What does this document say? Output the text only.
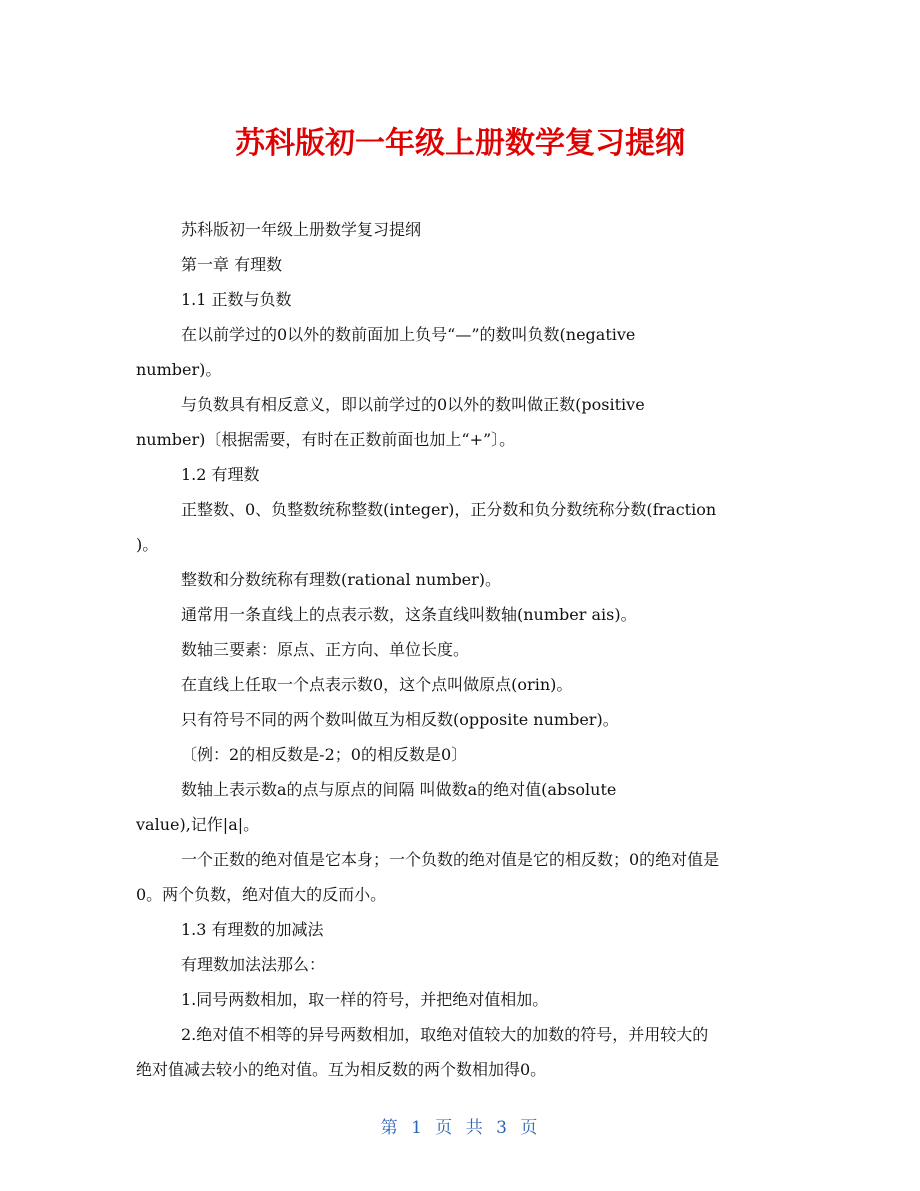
苏科版初一年级上册数学复习提纲

苏科版初一年级上册数学复习提纲

第一章 有理数

1.1 正数与负数

在以前学过的0以外的数前面加上负号“—”的数叫负数(negative

number)。

与负数具有相反意义，即以前学过的0以外的数叫做正数(positive

number)〔根据需要，有时在正数前面也加上“+”〕。

1.2 有理数

正整数、0、负整数统称整数(integer)，正分数和负分数统称分数(fraction

)。

整数和分数统称有理数(rational number)。

通常用一条直线上的点表示数，这条直线叫数轴(number ais)。

数轴三要素：原点、正方向、单位长度。

在直线上任取一个点表示数0，这个点叫做原点(orin)。

只有符号不同的两个数叫做互为相反数(opposite number)。

〔例：2的相反数是-2；0的相反数是0〕

数轴上表示数a的点与原点的间隔 叫做数a的绝对值(absolute

value),记作|a|。

一个正数的绝对值是它本身；一个负数的绝对值是它的相反数；0的绝对值是

0。两个负数，绝对值大的反而小。

1.3 有理数的加减法

有理数加法法那么：

1.同号两数相加，取一样的符号，并把绝对值相加。

2.绝对值不相等的异号两数相加，取绝对值较大的加数的符号，并用较大的

绝对值减去较小的绝对值。互为相反数的两个数相加得0。

第 1 页 共 3 页
